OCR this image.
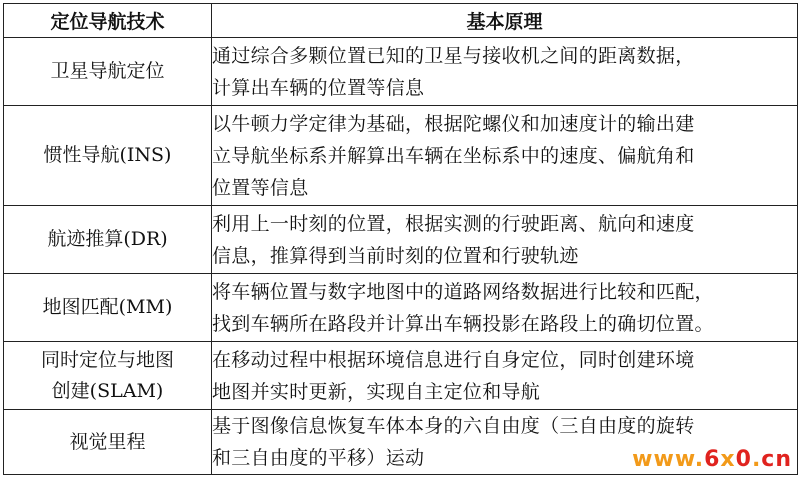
定位导航技术	基本原理

卫星导航定位	通过综合多颗位置已知的卫星与接收机之间的距离数据，
计算出车辆的位置等信息

惯性导航(INS)	以牛顿力学定律为基础，根据陀螺仪和加速度计的输出建
立导航坐标系并解算出车辆在坐标系中的速度、偏航角和
位置等信息

航迹推算(DR)	利用上一时刻的位置，根据实测的行驶距离、航向和速度
信息，推算得到当前时刻的位置和行驶轨迹

地图匹配(MM)	将车辆位置与数字地图中的道路网络数据进行比较和匹配，
找到车辆所在路段并计算出车辆投影在路段上的确切位置。

同时定位与地图
创建(SLAM)	在移动过程中根据环境信息进行自身定位，同时创建环境
地图并实时更新，实现自主定位和导航

视觉里程	基于图像信息恢复车体本身的六自由度（三自由度的旋转
和三自由度的平移）运动	www.6x0.cn
